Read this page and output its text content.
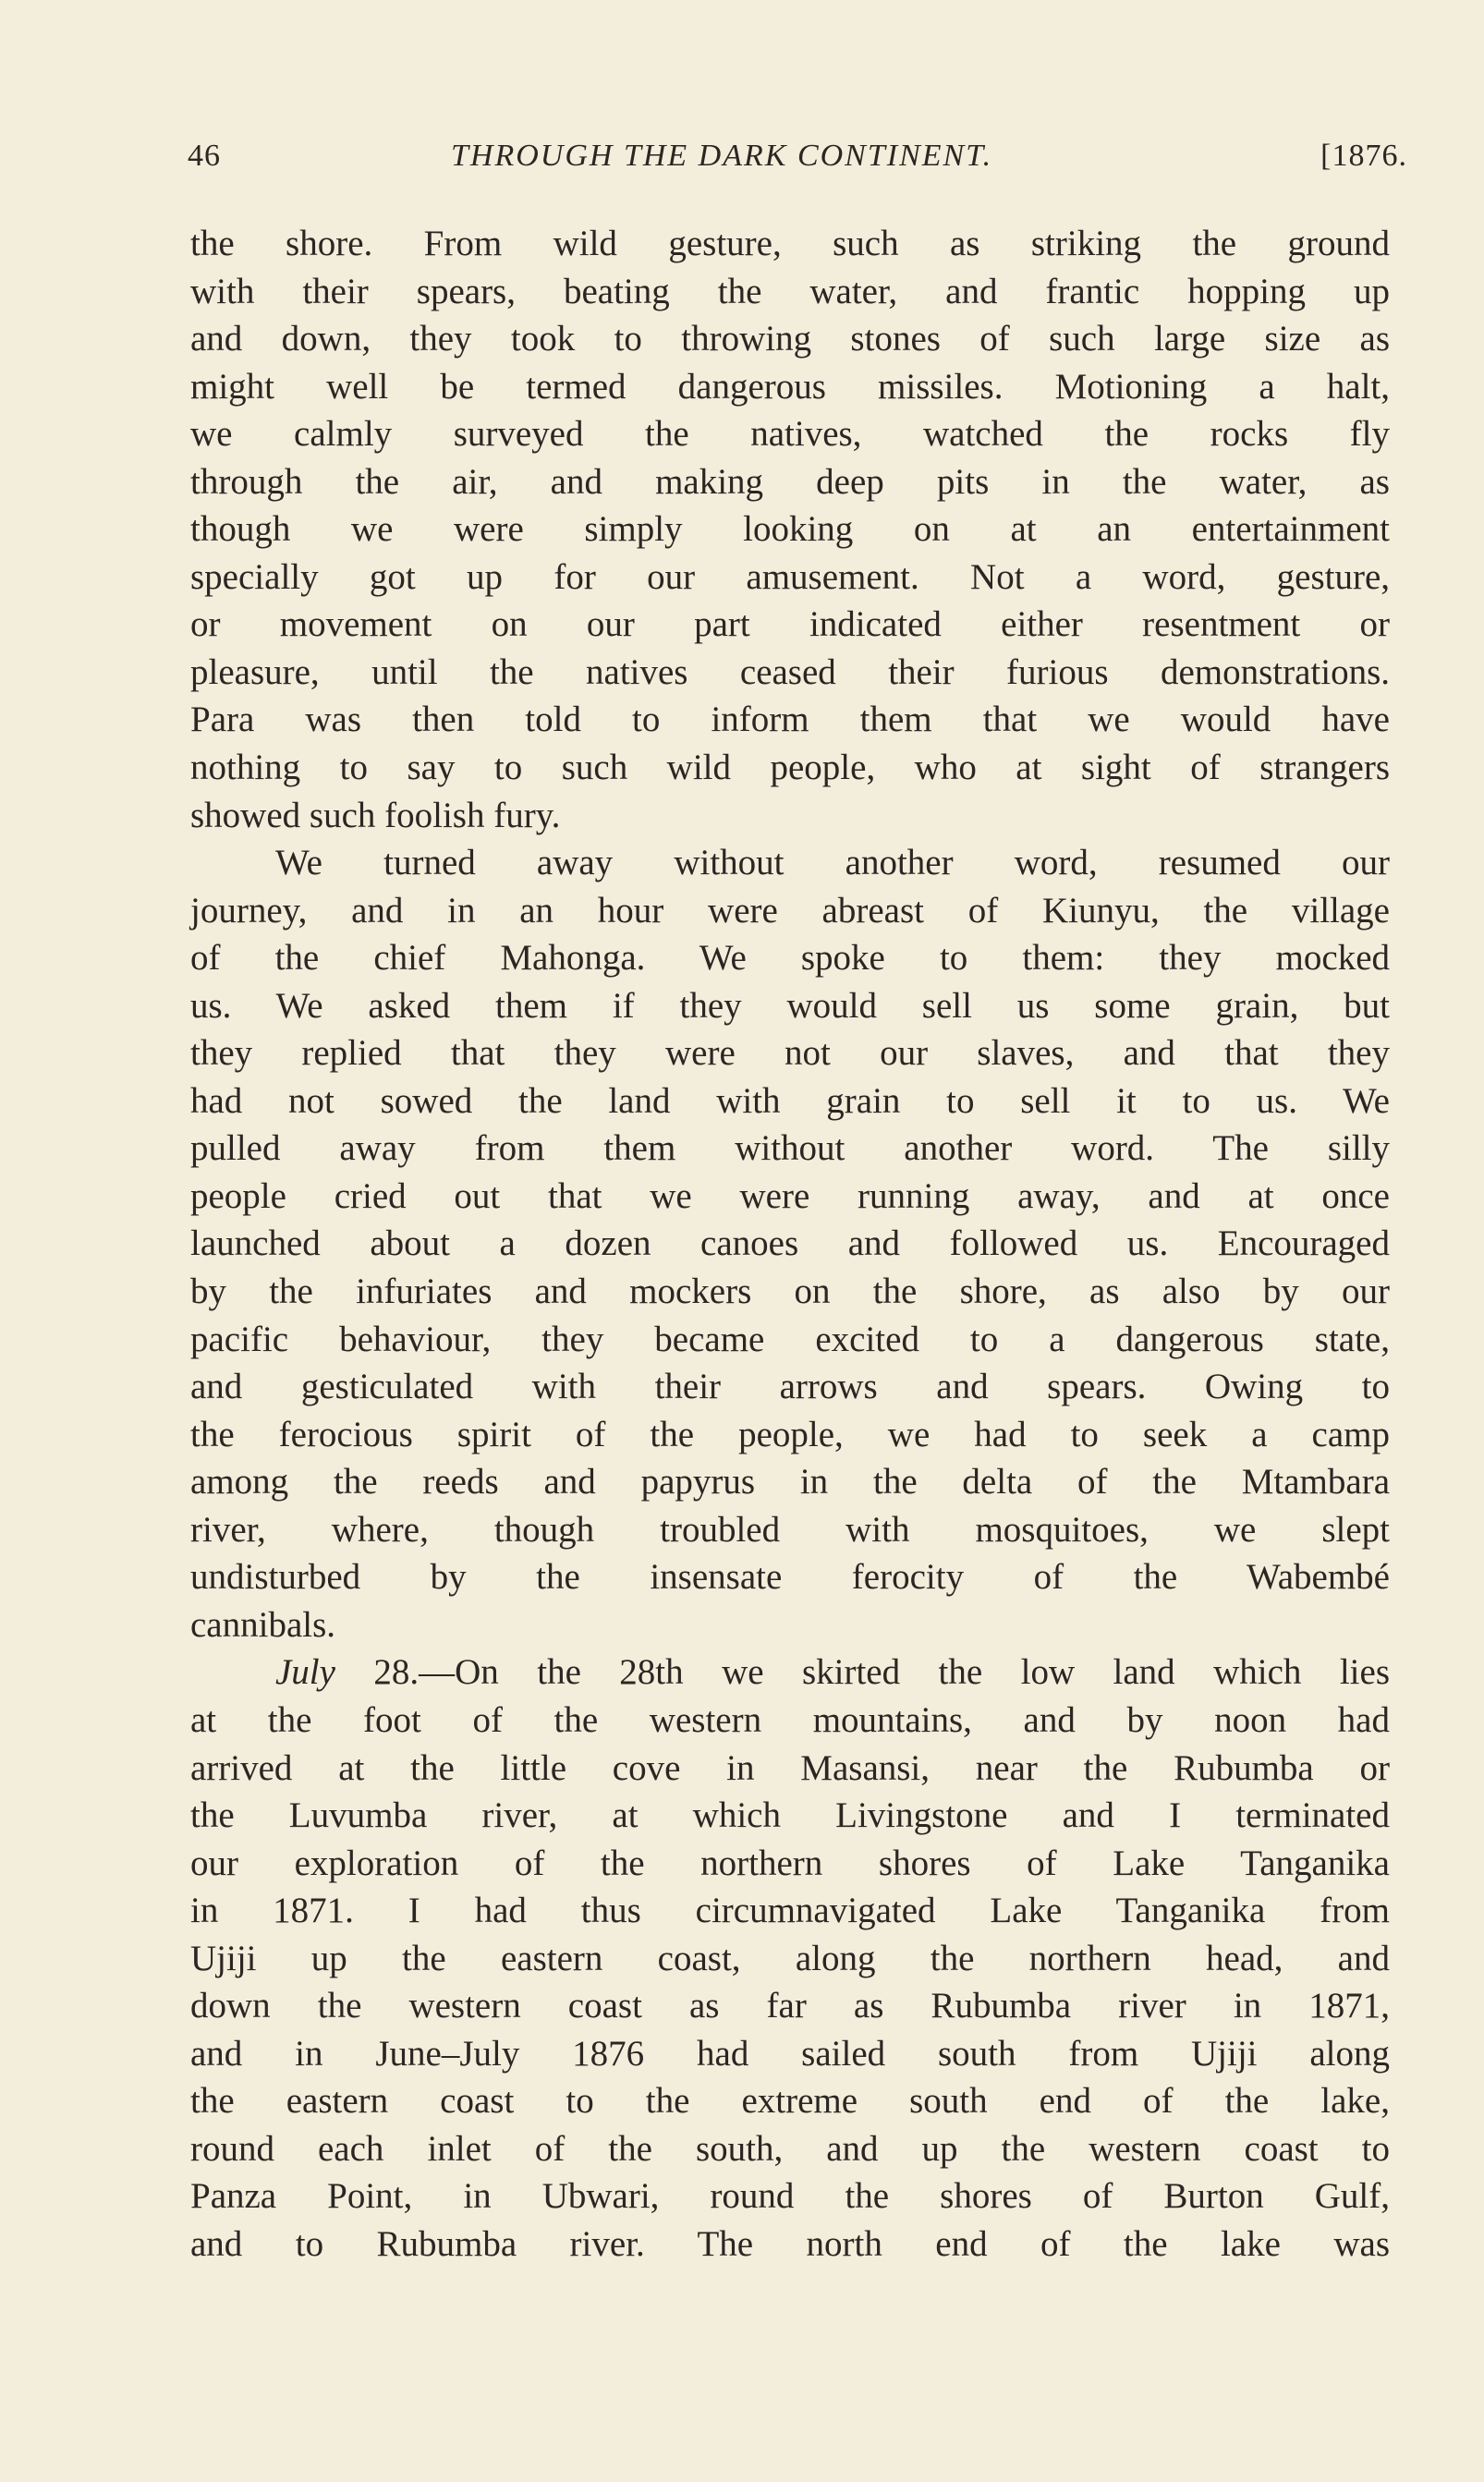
46	THROUGH THE DARK CONTINENT.	[1876.
the shore. From wild gesture, such as striking the ground
with their spears, beating the water, and frantic hopping up
and down, they took to throwing stones of such large size as
might well be termed dangerous missiles. Motioning a halt,
we calmly surveyed the natives, watched the rocks fly
through the air, and making deep pits in the water, as
though we were simply looking on at an entertainment
specially got up for our amusement. Not a word, gesture,
or movement on our part indicated either resentment or
pleasure, until the natives ceased their furious demonstrations.
Para was then told to inform them that we would have
nothing to say to such wild people, who at sight of strangers
showed such foolish fury.
We turned away without another word, resumed our
journey, and in an hour were abreast of Kiunyu, the village
of the chief Mahonga. We spoke to them: they mocked
us. We asked them if they would sell us some grain, but
they replied that they were not our slaves, and that they
had not sowed the land with grain to sell it to us. We
pulled away from them without another word. The silly
people cried out that we were running away, and at once
launched about a dozen canoes and followed us. Encouraged
by the infuriates and mockers on the shore, as also by our
pacific behaviour, they became excited to a dangerous state,
and gesticulated with their arrows and spears. Owing to
the ferocious spirit of the people, we had to seek a camp
among the reeds and papyrus in the delta of the Mtambara
river, where, though troubled with mosquitoes, we slept
undisturbed by the insensate ferocity of the Wabembé
cannibals.
July 28.—On the 28th we skirted the low land which lies
at the foot of the western mountains, and by noon had
arrived at the little cove in Masansi, near the Rubumba or
the Luvumba river, at which Livingstone and I terminated
our exploration of the northern shores of Lake Tanganika
in 1871. I had thus circumnavigated Lake Tanganika from
Ujiji up the eastern coast, along the northern head, and
down the western coast as far as Rubumba river in 1871,
and in June–July 1876 had sailed south from Ujiji along
the eastern coast to the extreme south end of the lake,
round each inlet of the south, and up the western coast to
Panza Point, in Ubwari, round the shores of Burton Gulf,
and to Rubumba river. The north end of the lake was
